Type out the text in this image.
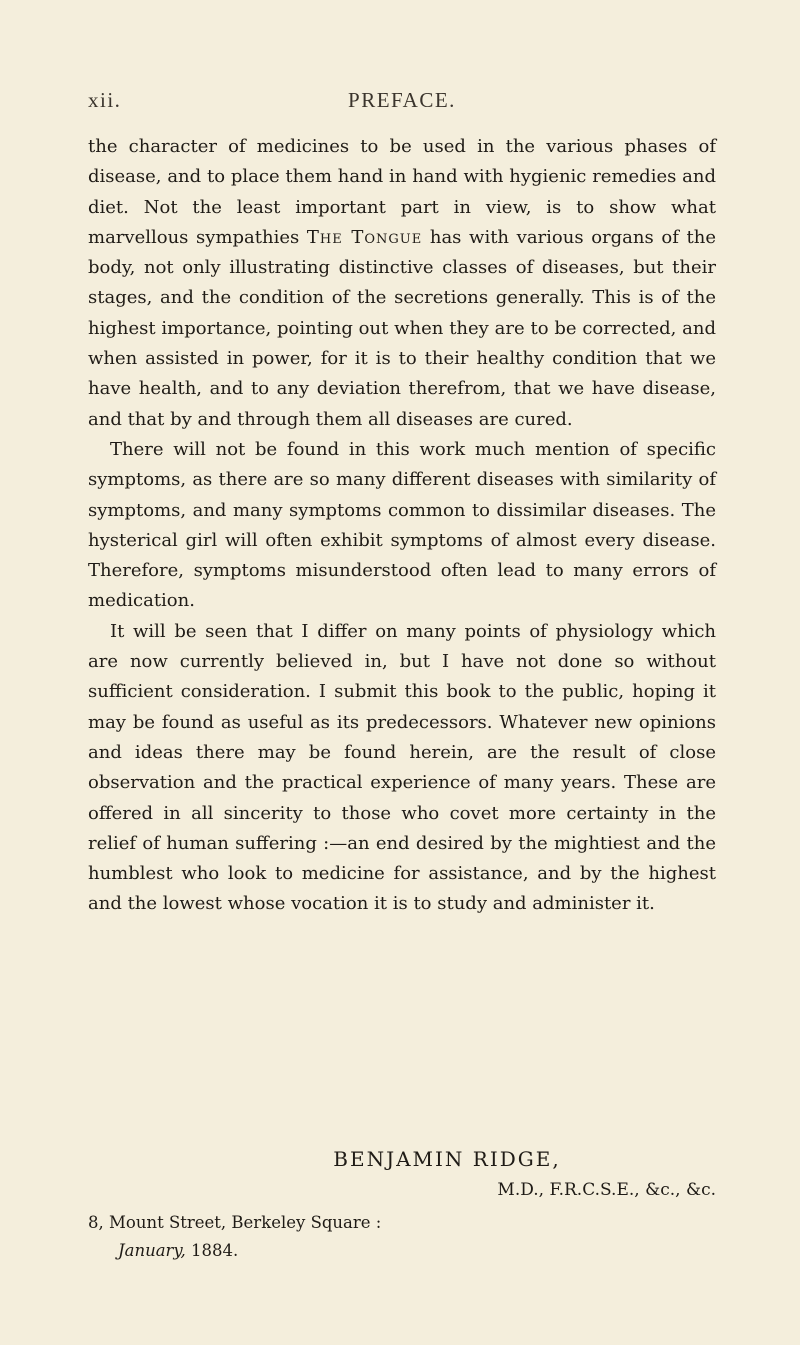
xii.	PREFACE.

the character of medicines to be used in the various phases of disease, and to place them hand in hand with hygienic remedies and diet. Not the least important part in view, is to show what marvellous sympathies The Tongue has with various organs of the body, not only illustrating distinctive classes of diseases, but their stages, and the condition of the secretions generally. This is of the highest importance, pointing out when they are to be corrected, and when assisted in power, for it is to their healthy condition that we have health, and to any deviation therefrom, that we have disease, and that by and through them all diseases are cured.

There will not be found in this work much mention of specific symptoms, as there are so many different diseases with similarity of symptoms, and many symptoms common to dissimilar diseases. The hysterical girl will often exhibit symptoms of almost every disease. Therefore, symptoms misunderstood often lead to many errors of medication.

It will be seen that I differ on many points of physiology which are now currently believed in, but I have not done so without sufficient consideration. I submit this book to the public, hoping it may be found as useful as its predecessors. Whatever new opinions and ideas there may be found herein, are the result of close observation and the practical experience of many years. These are offered in all sincerity to those who covet more certainty in the relief of human suffering :—an end desired by the mightiest and the humblest who look to medicine for assistance, and by the highest and the lowest whose vocation it is to study and administer it.

BENJAMIN RIDGE,
M.D., F.R.C.S.E., &c., &c.
8, Mount Street, Berkeley Square :
January, 1884.
